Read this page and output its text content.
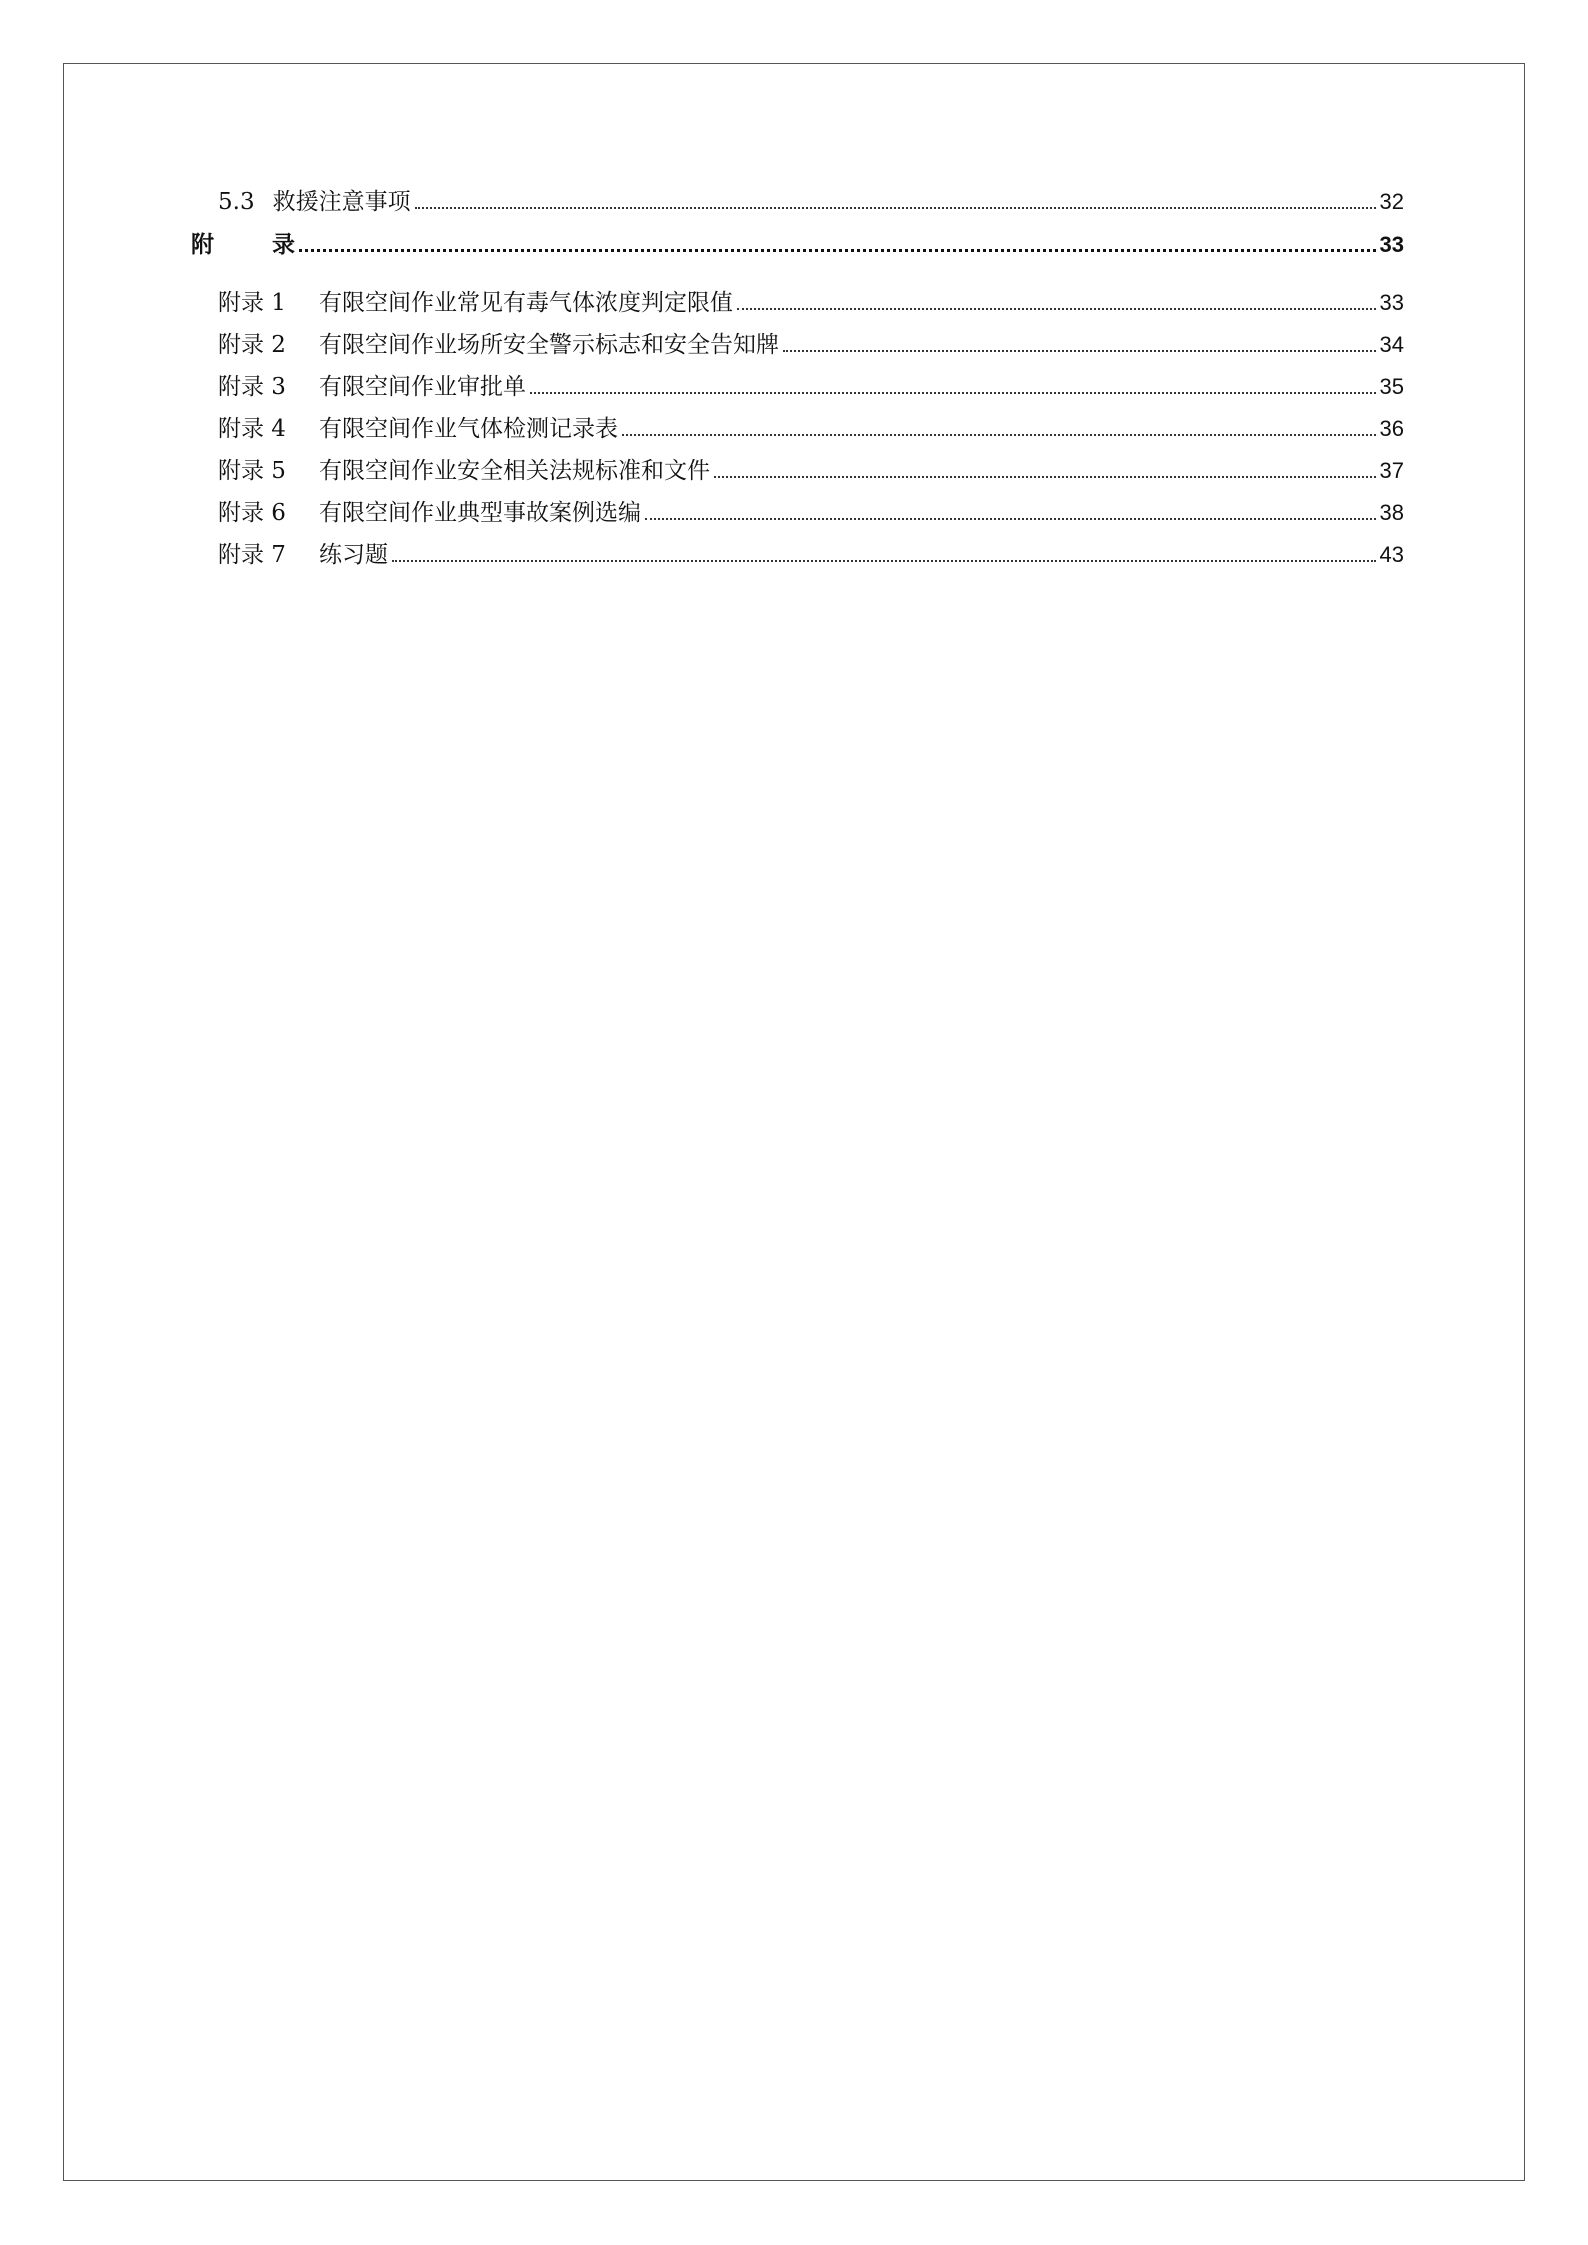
5.3 救援注意事项	32
附	录	33
附录 1 有限空间作业常见有毒气体浓度判定限值	33
附录 2 有限空间作业场所安全警示标志和安全告知牌	34
附录 3 有限空间作业审批单	35
附录 4 有限空间作业气体检测记录表	36
附录 5 有限空间作业安全相关法规标准和文件	37
附录 6 有限空间作业典型事故案例选编	38
附录 7 练习题	43
